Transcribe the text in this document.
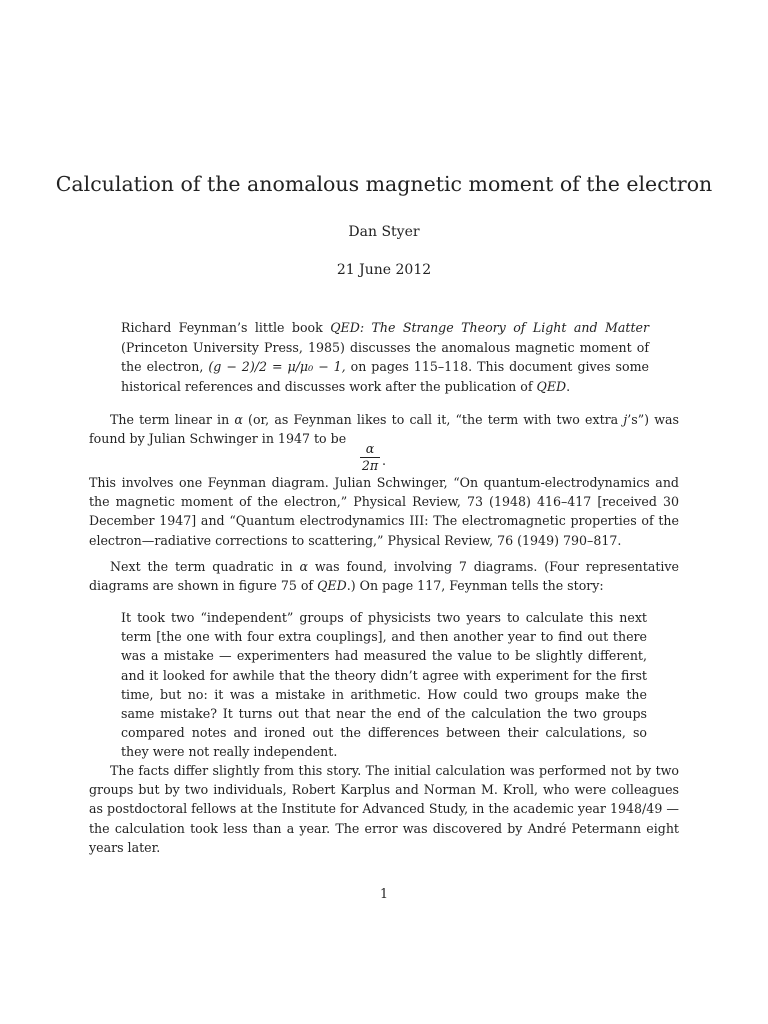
Calculation of the anomalous magnetic moment of the electron
Dan Styer
21 June 2012
Richard Feynman’s little book QED: The Strange Theory of Light and Matter (Princeton University Press, 1985) discusses the anomalous magnetic moment of the electron, (g − 2)/2 = μ/μ₀ − 1, on pages 115–118. This document gives some historical references and discusses work after the publication of QED.
The term linear in α (or, as Feynman likes to call it, “the term with two extra j’s”) was found by Julian Schwinger in 1947 to be
α
2π .
This involves one Feynman diagram. Julian Schwinger, “On quantum-electrodynamics and the magnetic moment of the electron,” Physical Review, 73 (1948) 416–417 [received 30 December 1947] and “Quantum electrodynamics III: The electromagnetic properties of the electron—radiative corrections to scattering,” Physical Review, 76 (1949) 790–817.
Next the term quadratic in α was found, involving 7 diagrams. (Four representative diagrams are shown in figure 75 of QED.) On page 117, Feynman tells the story:
It took two “independent” groups of physicists two years to calculate this next term [the one with four extra couplings], and then another year to find out there was a mistake — experimenters had measured the value to be slightly different, and it looked for awhile that the theory didn’t agree with experiment for the first time, but no: it was a mistake in arithmetic. How could two groups make the same mistake? It turns out that near the end of the calculation the two groups compared notes and ironed out the differences between their calculations, so they were not really independent.
The facts differ slightly from this story. The initial calculation was performed not by two groups but by two individuals, Robert Karplus and Norman M. Kroll, who were colleagues as postdoctoral fellows at the Institute for Advanced Study, in the academic year 1948/49 — the calculation took less than a year. The error was discovered by André Petermann eight years later.
1
